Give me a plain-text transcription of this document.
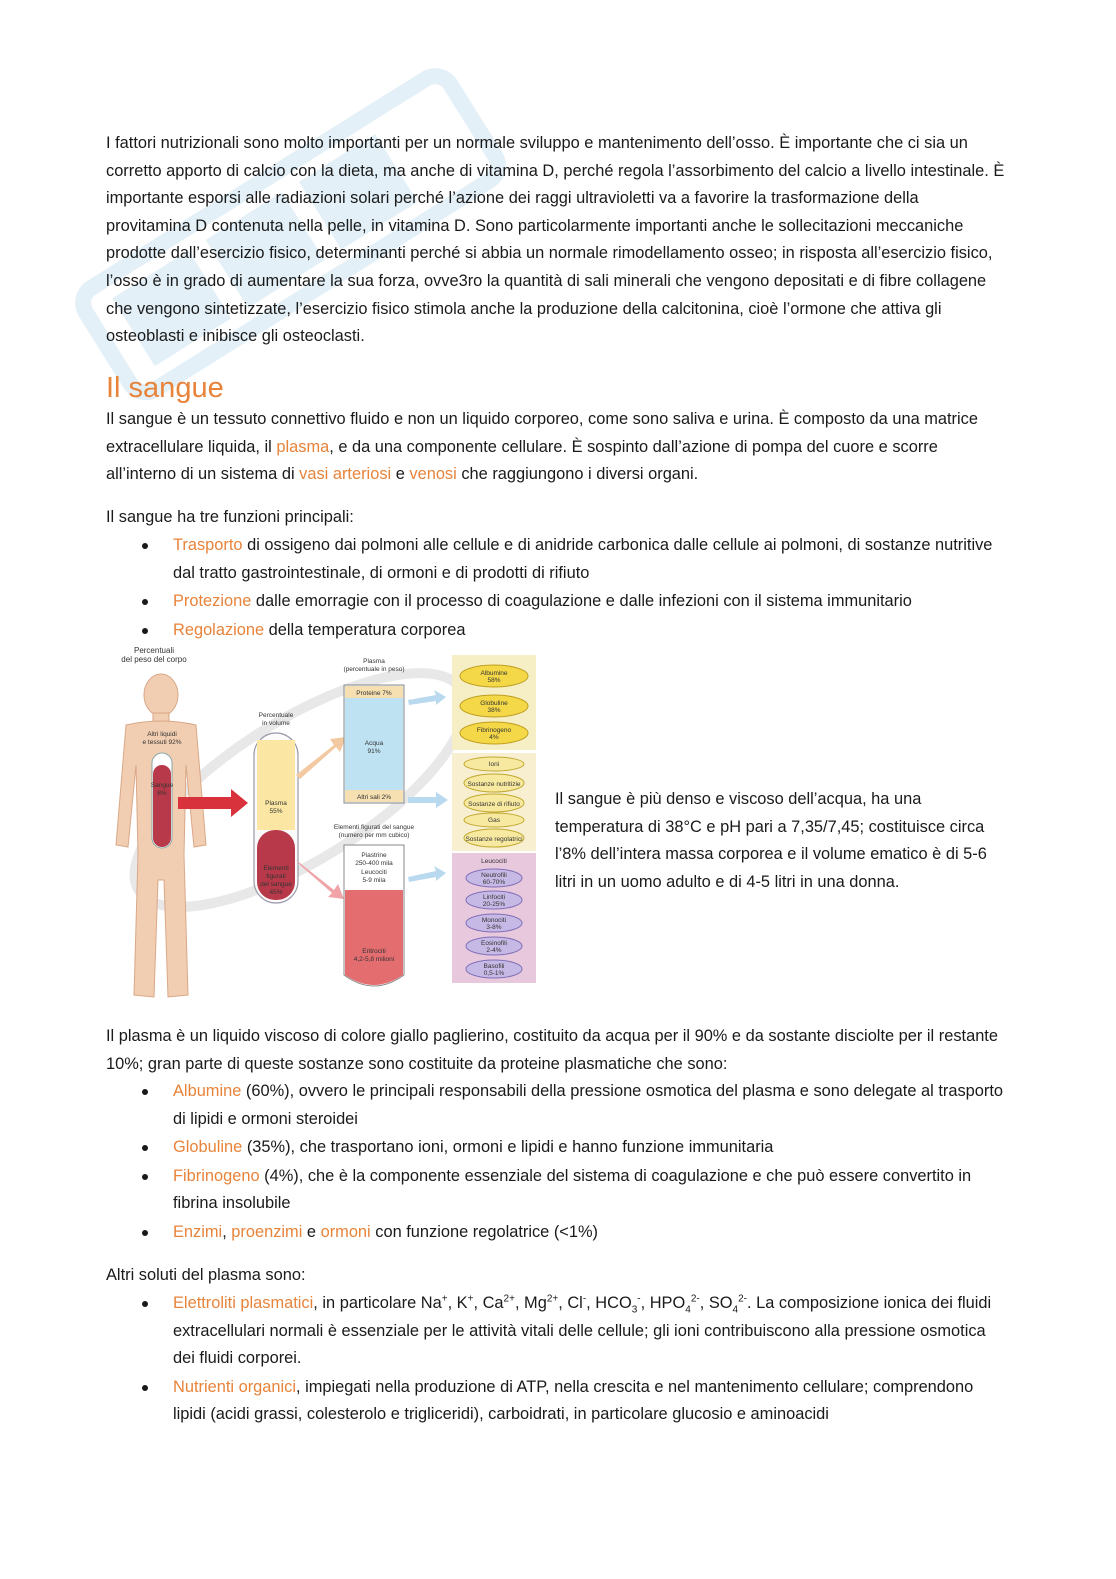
I fattori nutrizionali sono molto importanti per un normale sviluppo e mantenimento dell’osso. È importante che ci sia un corretto apporto di calcio con la dieta, ma anche di vitamina D, perché regola l’assorbimento del calcio a livello intestinale. È importante esporsi alle radiazioni solari perché l’azione dei raggi ultravioletti va a favorire la trasformazione della provitamina D contenuta nella pelle, in vitamina D. Sono particolarmente importanti anche le sollecitazioni meccaniche prodotte dall’esercizio fisico, determinanti perché si abbia un normale rimodellamento osseo; in risposta all’esercizio fisico, l’osso è in grado di aumentare la sua forza, ovve3ro la quantità di sali minerali che vengono depositati e di fibre collagene che vengono sintetizzate, l’esercizio fisico stimola anche la produzione della calcitonina, cioè l’ormone che attiva gli osteoblasti e inibisce gli osteoclasti.

Il sangue

Il sangue è un tessuto connettivo fluido e non un liquido corporeo, come sono saliva e urina. È composto da una matrice extracellulare liquida, il plasma, e da una componente cellulare. È sospinto dall’azione di pompa del cuore e scorre all’interno di un sistema di vasi arteriosi e venosi che raggiungono i diversi organi.

Il sangue ha tre funzioni principali:

Trasporto di ossigeno dai polmoni alle cellule e di anidride carbonica dalle cellule ai polmoni, di sostanze nutritive dal tratto gastrointestinale, di ormoni e di prodotti di rifiuto
Protezione dalle emorragie con il processo di coagulazione e dalle infezioni con il sistema immunitario
Regolazione della temperatura corporea
Percentuali
del peso del corpo
Altri liquidi
e tessuti 92%
Sangue
8%
Percentuale
in volume
Plasma
55%
Elementi
figurati
del sangue
45%
Plasma
(percentuale in peso)
Proteine 7%
Acqua
91%
Altri sali 2%
Elementi figurati del sangue
(numero per mm cubico)
Piastrine
250-400 mila
Leucociti
5-9 mila
Eritrociti
4,2-5,8 milioni
Albumine
58%
Globuline
38%
Fibrinogeno
4%
Ioni
Sostanze nutritizie
Sostanze di rifiuto
Gas
Sostanze regolatrici
Leucociti
Neutrofili
60-70%
Linfociti
20-25%
Monociti
3-8%
Eosinofili
2-4%
Basofili
0,5-1%

Il sangue è più denso e viscoso dell’acqua, ha una temperatura di 38°C e pH pari a 7,35/7,45; costituisce circa l’8% dell’intera massa corporea e il volume ematico è di 5-6 litri in un uomo adulto e di 4-5 litri in una donna.

Il plasma è un liquido viscoso di colore giallo paglierino, costituito da acqua per il 90% e da sostante disciolte per il restante 10%; gran parte di queste sostanze sono costituite da proteine plasmatiche che sono:

Albumine (60%), ovvero le principali responsabili della pressione osmotica del plasma e sono delegate al trasporto di lipidi e ormoni steroidei
Globuline (35%), che trasportano ioni, ormoni e lipidi e hanno funzione immunitaria
Fibrinogeno (4%), che è la componente essenziale del sistema di coagulazione e che può essere convertito in fibrina insolubile
Enzimi, proenzimi e ormoni con funzione regolatrice (<1%)

Altri soluti del plasma sono:

Elettroliti plasmatici, in particolare Na+, K+, $Ca^{2+}$, $Mg^{2+}$, Cl-, $HCO_3^-$, $HPO_4^{2-}$, $SO_4^{2-}$. La composizione ionica dei fluidi extracellulari normali è essenziale per le attività vitali delle cellule; gli ioni contribuiscono alla pressione osmotica dei fluidi corporei.
Nutrienti organici, impiegati nella produzione di ATP, nella crescita e nel mantenimento cellulare; comprendono lipidi (acidi grassi, colesterolo e trigliceridi), carboidrati, in particolare glucosio e aminoacidi
